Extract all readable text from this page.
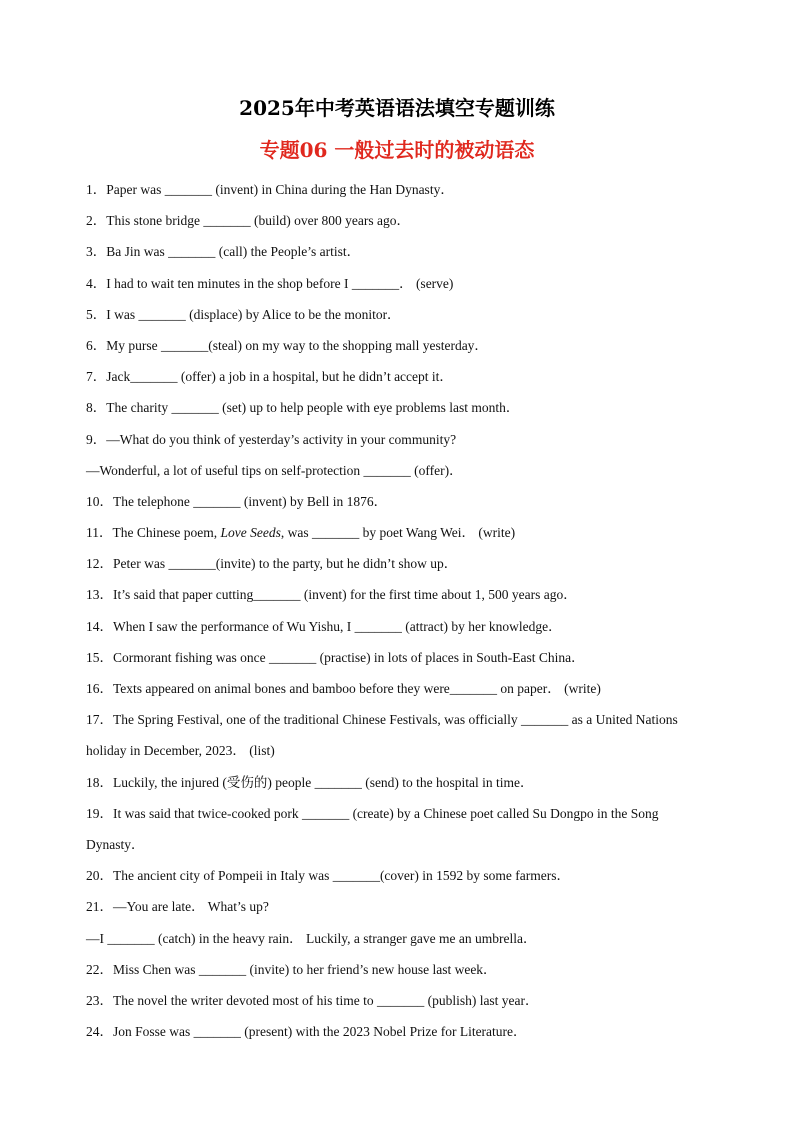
2025年中考英语语法填空专题训练
专题06 一般过去时的被动语态
1．Paper was _______ (invent) in China during the Han Dynasty．
2．This stone bridge _______ (build) over 800 years ago．
3．Ba Jin was _______ (call) the People’s artist．
4．I had to wait ten minutes in the shop before I _______． (serve)
5．I was _______ (displace) by Alice to be the monitor．
6．My purse _______(steal) on my way to the shopping mall yesterday．
7．Jack_______ (offer) a job in a hospital, but he didn’t accept it．
8．The charity _______ (set) up to help people with eye problems last month．
9．—What do you think of yesterday’s activity in your community?
—Wonderful, a lot of useful tips on self-protection _______ (offer)．
10．The telephone _______ (invent) by Bell in 1876．
11．The Chinese poem, Love Seeds, was _______ by poet Wang Wei． (write)
12．Peter was _______(invite) to the party, but he didn’t show up．
13．It’s said that paper cutting_______ (invent) for the first time about 1, 500 years ago．
14．When I saw the performance of Wu Yishu, I _______ (attract) by her knowledge．
15．Cormorant fishing was once _______ (practise) in lots of places in South-East China．
16．Texts appeared on animal bones and bamboo before they were_______ on paper． (write)
17．The Spring Festival, one of the traditional Chinese Festivals, was officially _______ as a United Nations
holiday in December, 2023． (list)
18．Luckily, the injured (受伤的) people _______ (send) to the hospital in time．
19．It was said that twice-cooked pork _______ (create) by a Chinese poet called Su Dongpo in the Song
Dynasty．
20．The ancient city of Pompeii in Italy was _______(cover) in 1592 by some farmers．
21．—You are late． What’s up?
—I _______ (catch) in the heavy rain． Luckily, a stranger gave me an umbrella．
22．Miss Chen was _______ (invite) to her friend’s new house last week．
23．The novel the writer devoted most of his time to _______ (publish) last year．
24．Jon Fosse was _______ (present) with the 2023 Nobel Prize for Literature．
